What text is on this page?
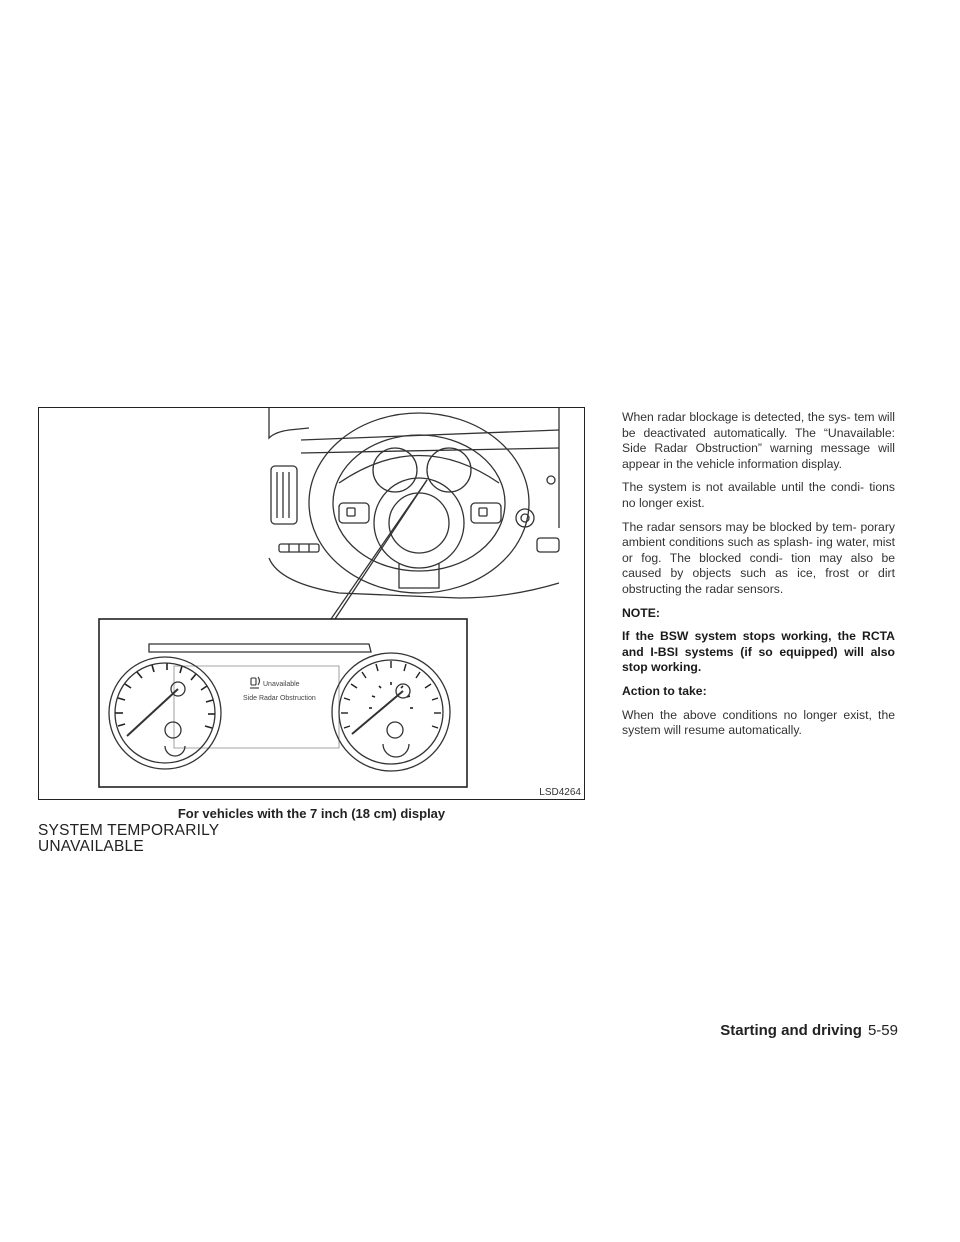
Unavailable
Side Radar Obstruction
LSD4264
For vehicles with the 7 inch (18 cm) display
SYSTEM TEMPORARILY
UNAVAILABLE

When radar blockage is detected, the sys- tem will be deactivated automatically. The “Unavailable: Side Radar Obstruction” warning message will appear in the vehicle information display.

The system is not available until the condi- tions no longer exist.

The radar sensors may be blocked by tem- porary ambient conditions such as splash- ing water, mist or fog. The blocked condi- tion may also be caused by objects such as ice, frost or dirt obstructing the radar sensors.

NOTE:

If the BSW system stops working, the RCTA and I-BSI systems (if so equipped) will also stop working.

Action to take:

When the above conditions no longer exist, the system will resume automatically.

Starting and driving 5-59
